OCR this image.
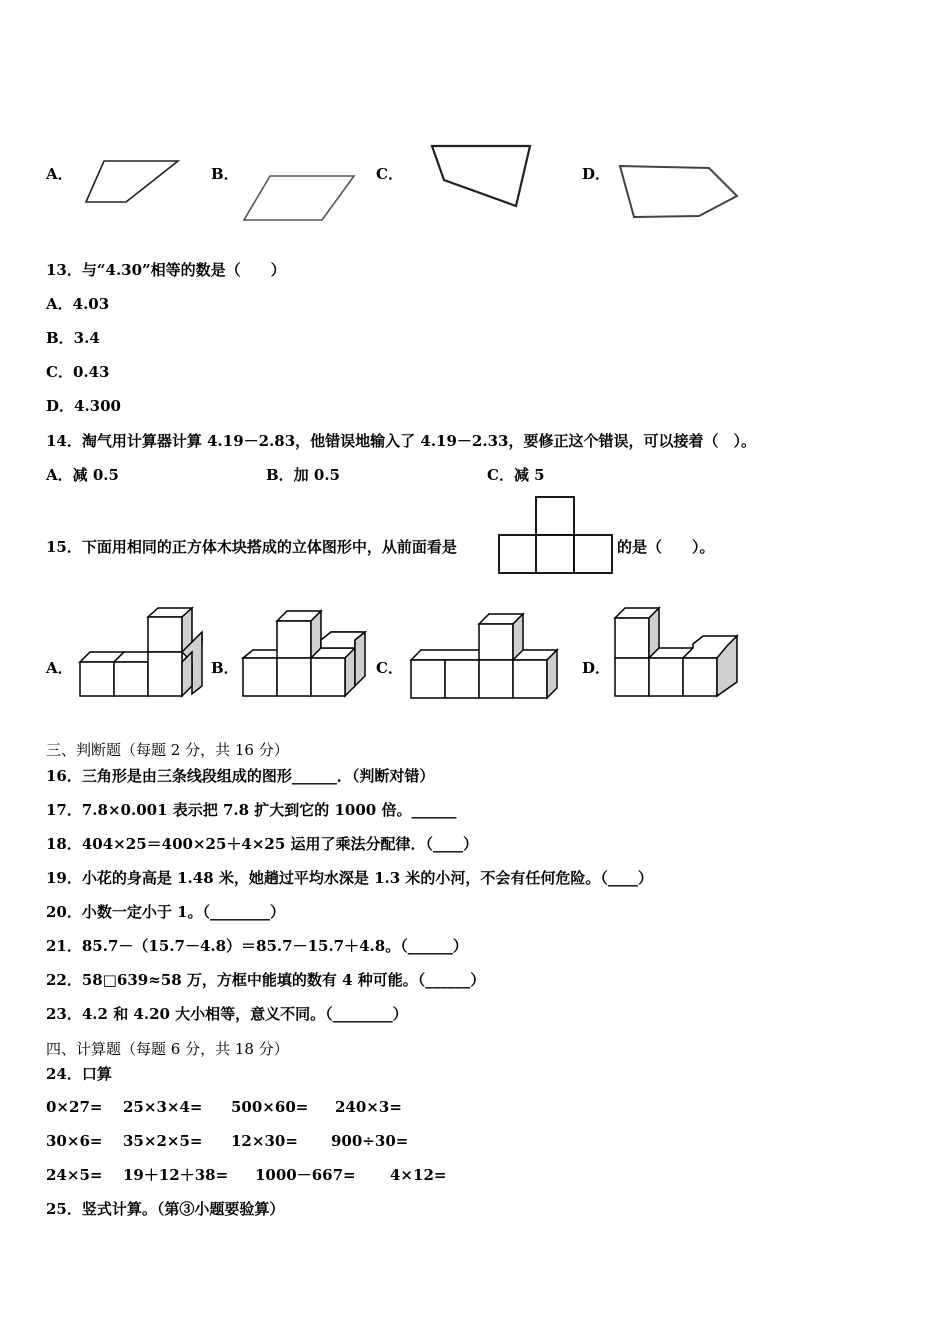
A．	B．	C．	D．
13．与“4.30”相等的数是（　　）
A．4.03
B．3.4
C．0.43
D．4.300
14．淘气用计算器计算 4.19－2.83，他错误地输入了 4.19－2.33，要修正这个错误，可以接着（　）。
A．减 0.5	B．加 0.5	C．减 5
15．下面用相同的正方体木块搭成的立体图形中，从前面看是	的是（　　）。
A．	B．	C．	D．
三、判断题（每题 2 分，共 16 分）
16．三角形是由三条线段组成的图形______．（判断对错）
17．7.8×0.001 表示把 7.8 扩大到它的 1000 倍。______
18．404×25＝400×25＋4×25 运用了乘法分配律．（____）
19．小花的身高是 1.48 米，她趟过平均水深是 1.3 米的小河，不会有任何危险。（____）
20．小数一定小于 1。（________）
21．85.7－（15.7－4.8）＝85.7－15.7＋4.8。（______）
22．58□639≈58 万，方框中能填的数有 4 种可能。（______）
23．4.2 和 4.20 大小相等，意义不同。（________）
四、计算题（每题 6 分，共 18 分）
24．口算
0×27= 25×3×4= 500×60= 240×3=
30×6= 35×2×5= 12×30= 900÷30=
24×5= 19＋12＋38= 1000－667= 4×12=
25．竖式计算。（第③小题要验算）
